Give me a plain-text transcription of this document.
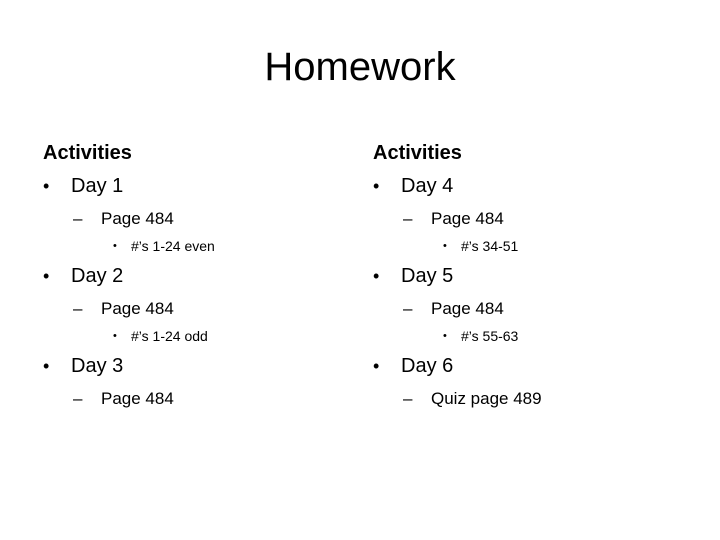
Homework
Activities
•	Day 1
–	Page 484
•	#’s 1-24 even
•	Day 2
–	Page 484
•	#’s 1-24 odd
•	Day 3
–	Page 484
Activities
•	Day 4
–	Page 484
•	#’s 34-51
•	Day 5
–	Page 484
•	#’s 55-63
•	Day 6
–	Quiz page 489
